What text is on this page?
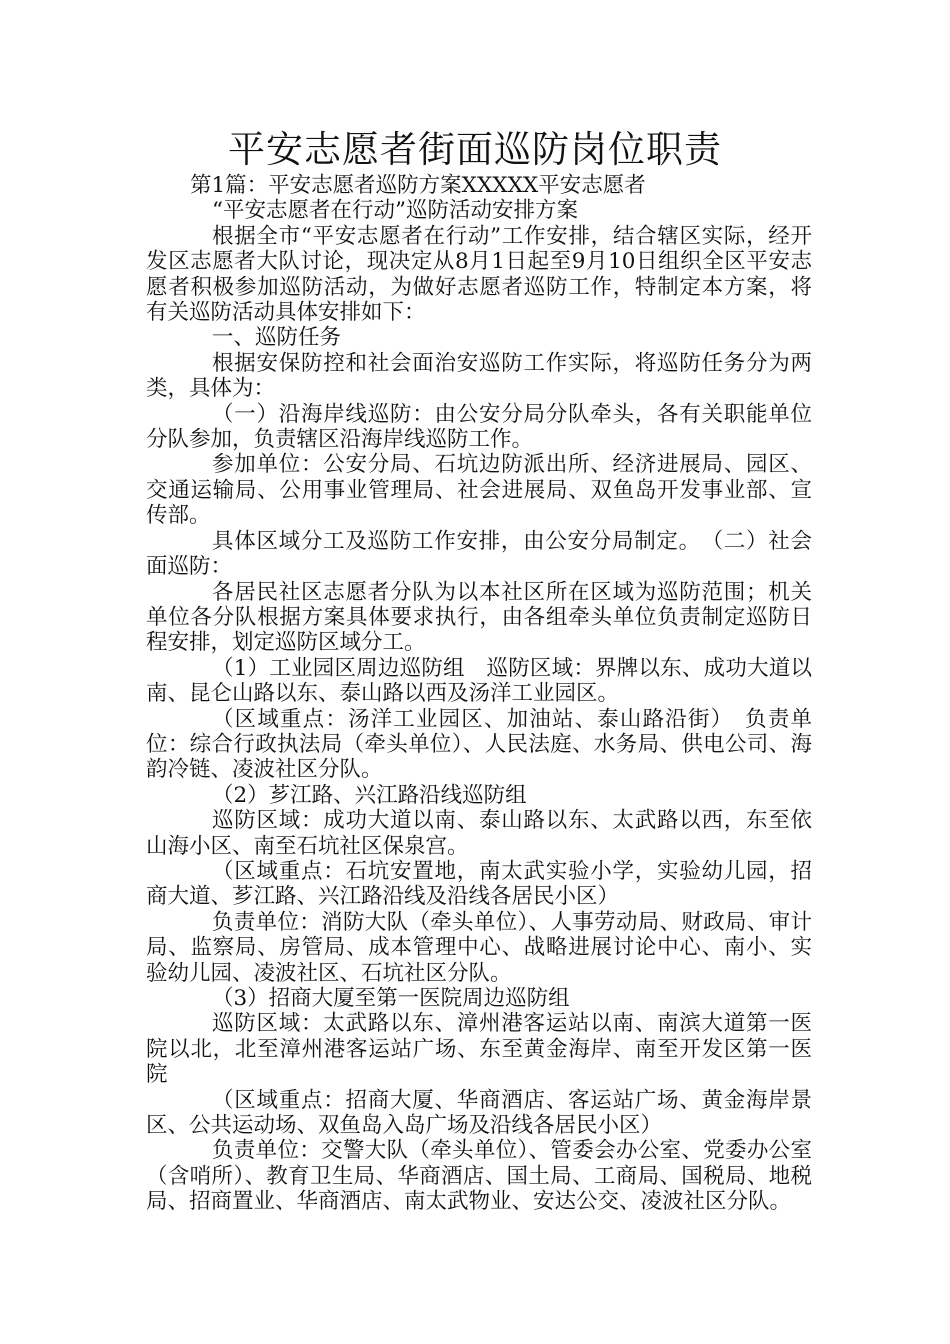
平安志愿者街面巡防岗位职责

第1篇：平安志愿者巡防方案XXXXX平安志愿者

“平安志愿者在行动”巡防活动安排方案

根据全市“平安志愿者在行动”工作安排，结合辖区实际，经开发区志愿者大队讨论，现决定从8月1日起至9月10日组织全区平安志愿者积极参加巡防活动，为做好志愿者巡防工作，特制定本方案，将有关巡防活动具体安排如下：

一、巡防任务

根据安保防控和社会面治安巡防工作实际，将巡防任务分为两类，具体为：

（一）沿海岸线巡防：由公安分局分队牵头，各有关职能单位分队参加，负责辖区沿海岸线巡防工作。

参加单位：公安分局、石坑边防派出所、经济进展局、园区、交通运输局、公用事业管理局、社会进展局、双鱼岛开发事业部、宣传部。

具体区域分工及巡防工作安排，由公安分局制定。　（二）社会面巡防：

各居民社区志愿者分队为以本社区所在区域为巡防范围；机关单位各分队根据方案具体要求执行，由各组牵头单位负责制定巡防日程安排，划定巡防区域分工。

（1）工业园区周边巡防组　巡防区域：界牌以东、成功大道以南、昆仑山路以东、泰山路以西及汤洋工业园区。

（区域重点：汤洋工业园区、加油站、泰山路沿街）　负责单位：综合行政执法局（牵头单位）、人民法庭、水务局、供电公司、海韵冷链、凌波社区分队。

（2）芗江路、兴江路沿线巡防组

巡防区域：成功大道以南、泰山路以东、太武路以西，东至依山海小区、南至石坑社区保泉宫。

（区域重点：石坑安置地，南太武实验小学，实验幼儿园，招商大道、芗江路、兴江路沿线及沿线各居民小区）

负责单位：消防大队（牵头单位）、人事劳动局、财政局、审计局、监察局、房管局、成本管理中心、战略进展讨论中心、南小、实验幼儿园、凌波社区、石坑社区分队。

（3）招商大厦至第一医院周边巡防组

巡防区域：太武路以东、漳州港客运站以南、南滨大道第一医院以北，北至漳州港客运站广场、东至黄金海岸、南至开发区第一医院

（区域重点：招商大厦、华商酒店、客运站广场、黄金海岸景区、公共运动场、双鱼岛入岛广场及沿线各居民小区）

负责单位：交警大队（牵头单位）、管委会办公室、党委办公室（含哨所）、教育卫生局、华商酒店、国土局、工商局、国税局、地税局、招商置业、华商酒店、南太武物业、安达公交、凌波社区分队。
